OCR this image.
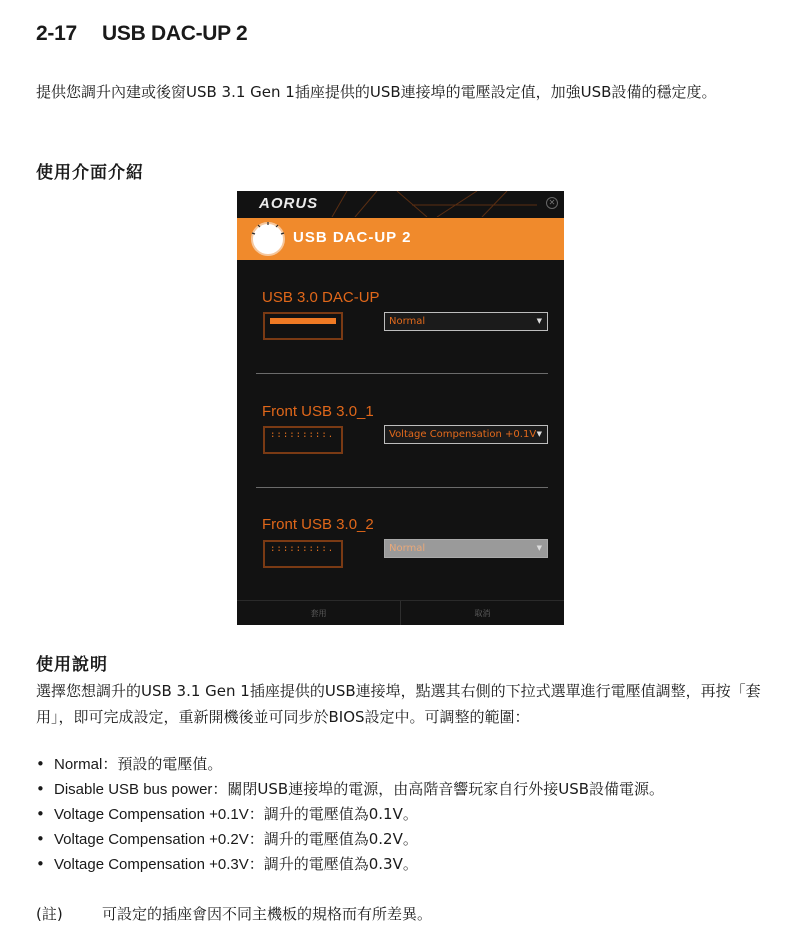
2-17 USB DAC-UP 2
提供您調升內建或後窗USB 3.1 Gen 1插座提供的USB連接埠的電壓設定值，加強USB設備的穩定度。
使用介面介紹
AORUS	✕
USB DAC-UP 2
USB 3.0 DAC-UP
Normal	▼
Front USB 3.0_1
:::::::::.	Voltage Compensation +0.1V ▼
Front USB 3.0_2
:::::::::.	Normal	▼
套用	取消
使用說明
選擇您想調升的USB 3.1 Gen 1插座提供的USB連接埠，點選其右側的下拉式選單進行電壓值調整，再按「套用」，即可完成設定，重新開機後並可同步於BIOS設定中。可調整的範圍：
• Normal：預設的電壓值。
• Disable USB bus power：關閉USB連接埠的電源，由高階音響玩家自行外接USB設備電源。
• Voltage Compensation +0.1V：調升的電壓值為0.1V。
• Voltage Compensation +0.2V：調升的電壓值為0.2V。
• Voltage Compensation +0.3V：調升的電壓值為0.3V。
(註)	可設定的插座會因不同主機板的規格而有所差異。
